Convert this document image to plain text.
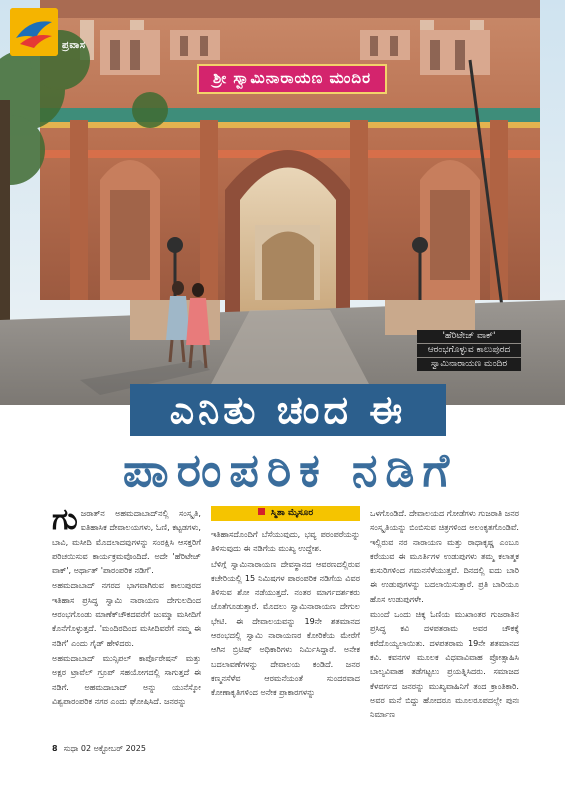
ಪ್ರವಾಸ
ಶ್ರೀ ಸ್ವಾಮಿನಾರಾಯಣ ಮಂದಿರ
'ಹೆರಿಟೇಜ್ ವಾಕ್'
ಆರಂಭಗೊಳ್ಳುವ ಕಾಲುಪುರದ
ಸ್ವಾಮಿನಾರಾಯಣ ಮಂದಿರ
ಎನಿತು ಚಂದ ಈ
ಪಾರಂಪರಿಕ ನಡಿಗೆ

ಗುಜರಾತ್‌ನ ಅಹಮದಾಬಾದ್‌ನಲ್ಲಿ ಸಂಸ್ಕೃತಿ, ಐತಿಹಾಸಿಕ ದೇವಾಲಯಗಳು, ಓಣಿ, ಕಟ್ಟಡಗಳು, ಬಾವಿ, ಮಸೀದಿ ಮೊದಲಾದವುಗಳನ್ನು ಸಂರಕ್ಷಿಸಿ ಆಸಕ್ತರಿಗೆ ಪರಿಚಯಿಸುವ ಕಾರ್ಯಕ್ರಮವೊಂದಿದೆ. ಅದೇ 'ಹೆರಿಟೇಜ್ ವಾಕ್', ಅರ್ಥಾತ್ 'ಪಾರಂಪರಿಕ ನಡಿಗೆ'.

ಅಹಮದಾಬಾದ್ ನಗರದ ಭಾಗವಾಗಿರುವ ಕಾಲುಪುರದ ಇತಿಹಾಸ ಪ್ರಸಿದ್ಧ ಸ್ವಾಮಿ ನಾರಾಯಣ ದೇಗುಲದಿಂದ ಆರಂಭಗೊಂಡು ಮಾಣೆಕ್‌ಚೌಕದವರೆಗೆ ಜುಮ್ಮಾ ಮಸೀದಿಗೆ ಕೊನೆಗೊಳ್ಳುತ್ತದೆ. 'ಮಂದಿರದಿಂದ ಮಸೀದಿವರೆಗೆ ನಮ್ಮ ಈ ನಡಿಗೆ' ಎಂದು ಗೈಡ್ ಹೇಳಿದರು.

ಅಹಮದಾಬಾದ್ ಮುನ್ಸಿಪಲ್ ಕಾರ್ಪೊರೇಷನ್ ಮತ್ತು ಅಕ್ಷರ ಟ್ರಾವೆಲ್ ಗ್ರೂಪ್ ಸಹಯೋಗದಲ್ಲಿ ಸಾಗುತ್ತದೆ ಈ ನಡಿಗೆ. ಅಹಮದಾಬಾದ್ ಅನ್ನು ಯುನೆಸ್ಕೋ ವಿಶ್ವಪಾರಂಪರಿಕ ನಗರ ಎಂದು ಘೋಷಿಸಿದೆ. ಜನರನ್ನು

ಸ್ಮಿತಾ ಮೈಸೂರ

ಇತಿಹಾಸದೊಂದಿಗೆ ಬೆಸೆಯುವುದು, ಭವ್ಯ ಪರಂಪರೆಯನ್ನು ತಿಳಿಸುವುದು ಈ ನಡಿಗೆಯ ಮುಖ್ಯ ಉದ್ದೇಶ.

ಬೆಳಿಗ್ಗೆ ಸ್ವಾಮಿನಾರಾಯಣ ದೇವಸ್ಥಾನದ ಆವರಣದಲ್ಲಿರುವ ಕಚೇರಿಯಲ್ಲಿ 15 ನಿಮಿಷಗಳ ಪಾರಂಪರಿಕ ನಡಿಗೆಯ ವಿವರ ತಿಳಿಸುವ ಶೋ ನಡೆಯುತ್ತದೆ. ನಂತರ ಮಾರ್ಗದರ್ಶಕರು ಜೊತೆಗೂಡುತ್ತಾರೆ. ಮೊದಲು ಸ್ವಾಮಿನಾರಾಯಣ ದೇಗುಲ ಭೇಟಿ. ಈ ದೇವಾಲಯವನ್ನು 19ನೇ ಶತಮಾನದ ಆರಂಭದಲ್ಲಿ ಸ್ವಾಮಿ ನಾರಾಯಣರ ಕೋರಿಕೆಯ ಮೇರೆಗೆ ಆಗಿನ ಬ್ರಿಟಿಷ್ ಅಧಿಕಾರಿಗಳು ನಿರ್ಮಿಸಿದ್ದಾರೆ. ಅನೇಕ ಬದಲಾವಣೆಗಳನ್ನು ದೇವಾಲಯ ಕಂಡಿದೆ. ಜನರ ಕಣ್ಮನಸೆಳೆವ ಆರಮನೆಯಂತೆ ಸುಂದರವಾದ ಕೋಣಾಕೃತಿಗಳಿಂದ ಅನೇಕ ಪ್ರಾಕಾರಗಳನ್ನು

ಒಳಗೊಂಡಿದೆ. ದೇವಾಲಯದ ಗೋಡೆಗಳು ಗುಜರಾತಿ ಜನರ ಸಂಸ್ಕೃತಿಯನ್ನು ಬಿಂಬಿಸುವ ಚಿತ್ರಗಳಿಂದ ಅಲಂಕೃತಗೊಂಡಿವೆ. ಇಲ್ಲಿರುವ ನರ ನಾರಾಯಣ ಮತ್ತು ರಾಧಾಕೃಷ್ಣ ಎಂಬೂ ಕರೆಯುವ ಈ ಮೂರ್ತಿಗಳ ಉಡುಪುಗಳು ತಮ್ಮ ಕಲಾತ್ಮಕ ಕುಸುರಿಗಳಿಂದ ಗಮನಸೆಳೆಯುತ್ತವೆ. ದಿನದಲ್ಲಿ ಐದು ಬಾರಿ ಈ ಉಡುಪುಗಳನ್ನು ಬದಲಾಯಿಸುತ್ತಾರೆ. ಪ್ರತಿ ಬಾರಿಯೂ ಹೊಸ ಉಡುಪುಗಳೇ.

ಮುಂದೆ ಒಂದು ಚಿಕ್ಕ ಓಣಿಯ ಮುಖಾಂತರ ಗುಜರಾತಿನ ಪ್ರಸಿದ್ಧ ಕವಿ ದಳಪತರಾಮ ಅವರ ಚೌಕಕ್ಕೆ ಕರೆದೊಯ್ಯಲಾಯಿತು. ದಳಪತರಾಮ 19ನೇ ಶತಮಾನದ ಕವಿ. ಕವನಗಳ ಮೂಲಕ ವಿಧವಾವಿವಾಹ ಪ್ರೋತ್ಸಾಹಿಸಿ ಬಾಲ್ಯವಿವಾಹ ತಡೆಗಟ್ಟಲು ಪ್ರಯತ್ನಿಸಿದರು. ಸಮಾಜದ ಕೆಳವರ್ಗದ ಜನರನ್ನು ಮುಖ್ಯವಾಹಿನಿಗೆ ತಂದ ಕ್ರಾಂತಿಕಾರಿ. ಅವರ ಮನೆ ಬಿದ್ದು ಹೋದರೂ ಮೂಲರೂಪದಲ್ಲೇ ಪುನಃ ನಿರ್ಮಾಣ

8 ಸುಧಾ 02 ಅಕ್ಟೋಬರ್ 2025
